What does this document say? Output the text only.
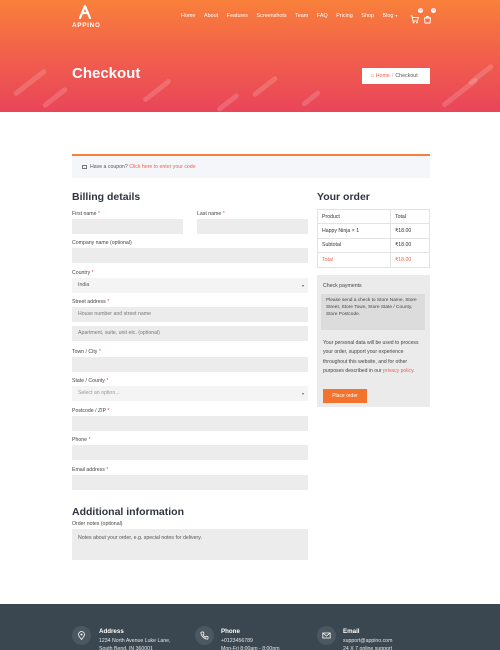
APPINO
Home About Features Screenshots Team FAQ Pricing Shop Blog ▾
0	0
Checkout	⌂ Home / Checkout
Have a coupon? Click here to enter your code
Billing details
First name *	Last name *
Company name (optional)
Country *
India	▾
Street address *
House number and street name
Apartment, suite, unit etc. (optional)
Town / City *
State / County *
Select an option...	▾
Postcode / ZIP *
Phone *
Email address *
Additional information
Order notes (optional)
Notes about your order, e.g. special notes for delivery.
Your order
Product	Total
Happy Ninja × 1	₹18.00
Subtotal	₹18.00
Total	₹18.00
Check payments
Please send a check to Store Name, Store Street, Store Town, Store State / County, Store Postcode.
Your personal data will be used to process your order, support your experience throughout this website, and for other purposes described in our privacy policy.
Place order
Address
1234 North Avenue Luke Lane,
South Bend, IN 360001
Phone
+0123456789
Mon-Fri 8:00am - 8:00pm
Email
support@appino.com
24 X 7 online support
